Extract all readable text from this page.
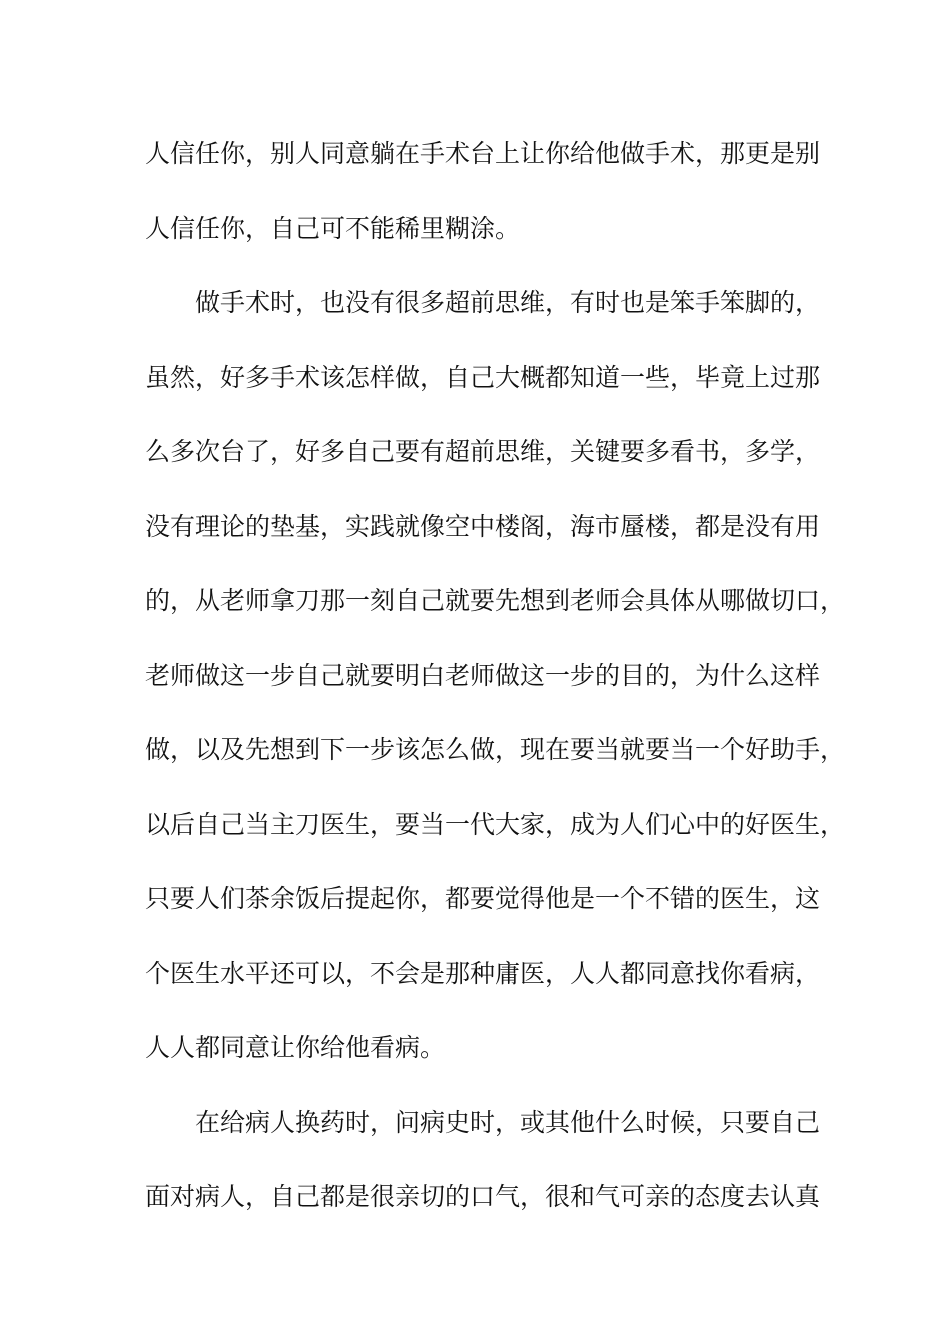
人信任你，别人同意躺在手术台上让你给他做手术，那更是别
人信任你，自己可不能稀里糊涂。
做手术时，也没有很多超前思维，有时也是笨手笨脚的，
虽然，好多手术该怎样做，自己大概都知道一些，毕竟上过那
么多次台了，好多自己要有超前思维，关键要多看书，多学，
没有理论的垫基，实践就像空中楼阁，海市蜃楼，都是没有用
的，从老师拿刀那一刻自己就要先想到老师会具体从哪做切口，
老师做这一步自己就要明白老师做这一步的目的，为什么这样
做，以及先想到下一步该怎么做，现在要当就要当一个好助手，
以后自己当主刀医生，要当一代大家，成为人们心中的好医生，
只要人们茶余饭后提起你，都要觉得他是一个不错的医生，这
个医生水平还可以，不会是那种庸医，人人都同意找你看病，
人人都同意让你给他看病。
在给病人换药时，问病史时，或其他什么时候，只要自己
面对病人，自己都是很亲切的口气，很和气可亲的态度去认真
